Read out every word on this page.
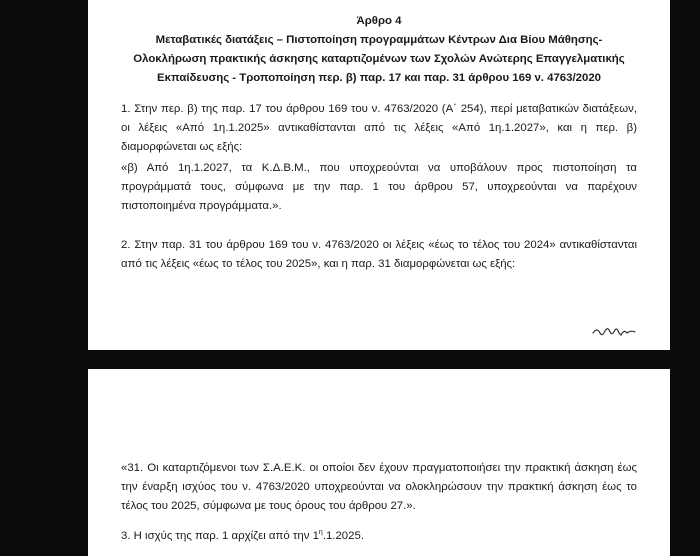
Άρθρο 4
Μεταβατικές διατάξεις – Πιστοποίηση προγραμμάτων Κέντρων Δια Βίου Μάθησης-
Ολοκλήρωση πρακτικής άσκησης καταρτιζομένων των Σχολών Ανώτερης Επαγγελματικής
Εκπαίδευσης - Τροποποίηση περ. β) παρ. 17 και παρ. 31 άρθρου 169 ν. 4763/2020
1. Στην περ. β) της παρ. 17 του άρθρου 169 του ν. 4763/2020 (Α΄ 254), περί μεταβατικών διατάξεων, οι λέξεις «Από 1η.1.2025» αντικαθίστανται από τις λέξεις «Από 1η.1.2027», και η περ. β) διαμορφώνεται ως εξής:
«β) Από 1η.1.2027, τα Κ.Δ.Β.Μ., που υποχρεούνται να υποβάλουν προς πιστοποίηση τα προγράμματά τους, σύμφωνα με την παρ. 1 του άρθρου 57, υποχρεούνται να παρέχουν πιστοποιημένα προγράμματα.».
2. Στην παρ. 31 του άρθρου 169 του ν. 4763/2020 οι λέξεις «έως το τέλος του 2024» αντικαθίστανται από τις λέξεις «έως το τέλος του 2025», και η παρ. 31 διαμορφώνεται ως εξής:
«31. Οι καταρτιζόμενοι των Σ.Α.Ε.Κ. οι οποίοι δεν έχουν πραγματοποιήσει την πρακτική άσκηση έως την έναρξη ισχύος του ν. 4763/2020 υποχρεούνται να ολοκληρώσουν την πρακτική άσκηση έως το τέλος του 2025, σύμφωνα με τους όρους του άρθρου 27.».
3. Η ισχύς της παρ. 1 αρχίζει από την $1^\eta.1.2025$.
